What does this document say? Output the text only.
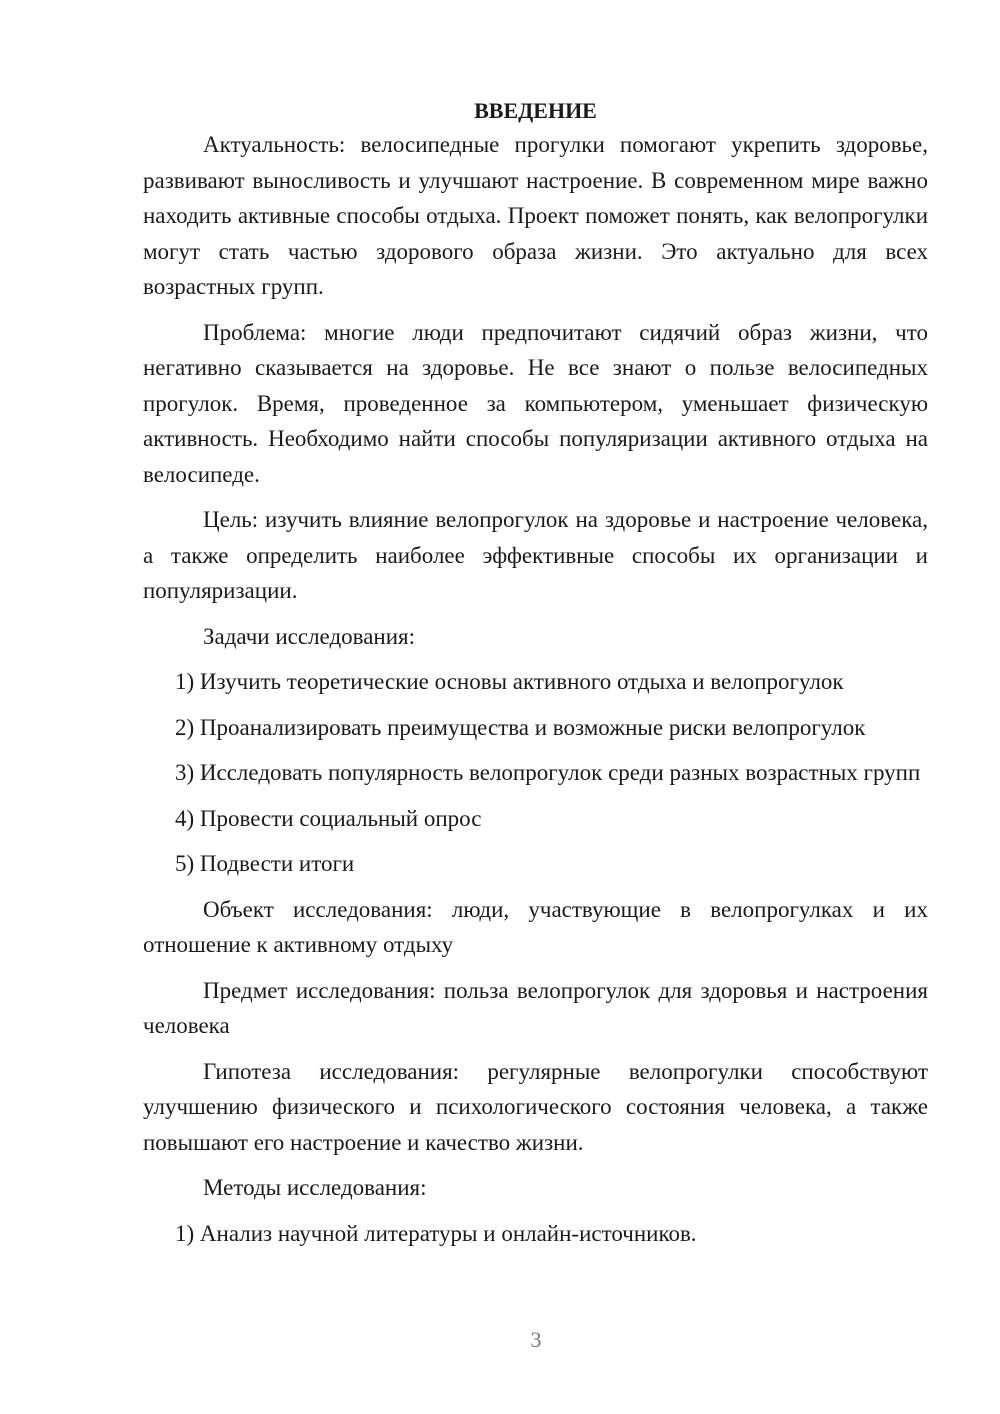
ВВЕДЕНИЕ

Актуальность: велосипедные прогулки помогают укрепить здоровье, развивают выносливость и улучшают настроение. В современном мире важно находить активные способы отдыха. Проект поможет понять, как велопрогулки могут стать частью здорового образа жизни. Это актуально для всех возрастных групп.

Проблема: многие люди предпочитают сидячий образ жизни, что негативно сказывается на здоровье. Не все знают о пользе велосипедных прогулок. Время, проведенное за компьютером, уменьшает физическую активность. Необходимо найти способы популяризации активного отдыха на велосипеде.

Цель: изучить влияние велопрогулок на здоровье и настроение человека, а также определить наиболее эффективные способы их организации и популяризации.

Задачи исследования:

1) Изучить теоретические основы активного отдыха и велопрогулок

2) Проанализировать преимущества и возможные риски велопрогулок

3) Исследовать популярность велопрогулок среди разных возрастных групп

4) Провести социальный опрос

5) Подвести итоги

Объект исследования: люди, участвующие в велопрогулках и их отношение к активному отдыху

Предмет исследования: польза велопрогулок для здоровья и настроения человека

Гипотеза исследования: регулярные велопрогулки способствуют улучшению физического и психологического состояния человека, а также повышают его настроение и качество жизни.

Методы исследования:

1) Анализ научной литературы и онлайн-источников.

3
